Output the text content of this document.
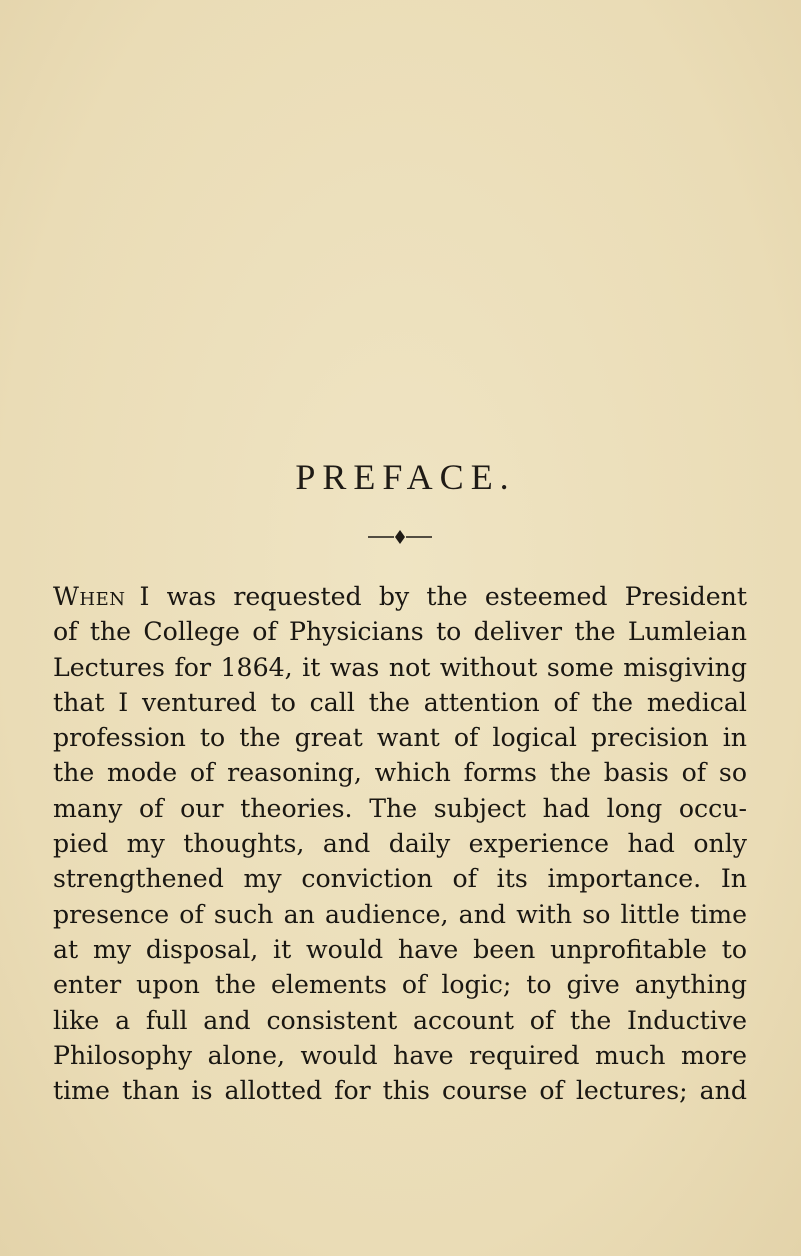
PREFACE.
When I was requested by the esteemed President
of the College of Physicians to deliver the Lumleian
Lectures for 1864, it was not without some misgiving
that I ventured to call the attention of the medical
profession to the great want of logical precision in
the mode of reasoning, which forms the basis of so
many of our theories. The subject had long occu-
pied my thoughts, and daily experience had only
strengthened my conviction of its importance. In
presence of such an audience, and with so little time
at my disposal, it would have been unprofitable to
enter upon the elements of logic; to give anything
like a full and consistent account of the Inductive
Philosophy alone, would have required much more
time than is allotted for this course of lectures; and
